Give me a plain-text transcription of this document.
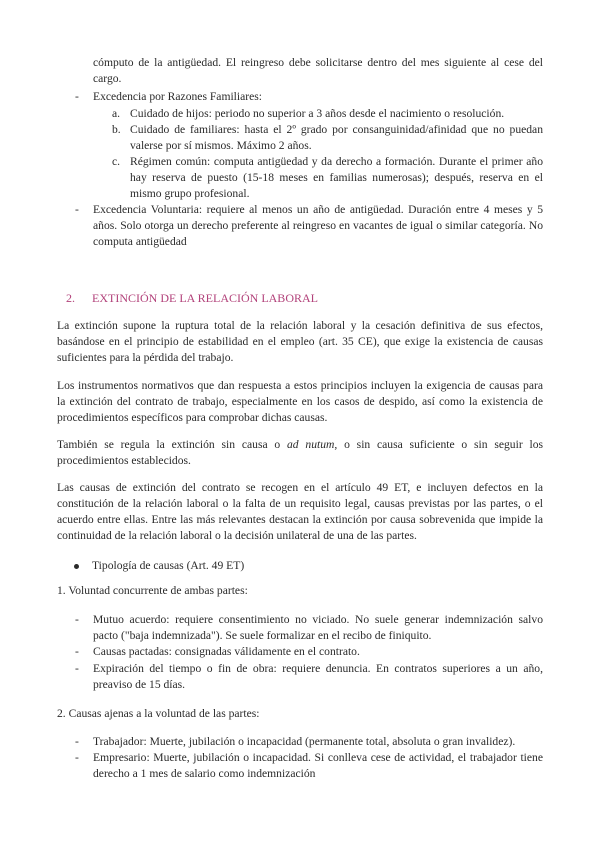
cómputo de la antigüedad. El reingreso debe solicitarse dentro del mes siguiente al cese del cargo.

- Excedencia por Razones Familiares:
a. Cuidado de hijos: periodo no superior a 3 años desde el nacimiento o resolución.

b. Cuidado de familiares: hasta el 2º grado por consanguinidad/afinidad que no puedan valerse por sí mismos. Máximo 2 años.

c. Régimen común: computa antigüedad y da derecho a formación. Durante el primer año hay reserva de puesto (15-18 meses en familias numerosas); después, reserva en el mismo grupo profesional.

- Excedencia Voluntaria: requiere al menos un año de antigüedad. Duración entre 4 meses y 5 años. Solo otorga un derecho preferente al reingreso en vacantes de igual o similar categoría. No computa antigüedad

2. EXTINCIÓN DE LA RELACIÓN LABORAL

La extinción supone la ruptura total de la relación laboral y la cesación definitiva de sus efectos, basándose en el principio de estabilidad en el empleo (art. 35 CE), que exige la existencia de causas suficientes para la pérdida del trabajo.

Los instrumentos normativos que dan respuesta a estos principios incluyen la exigencia de causas para la extinción del contrato de trabajo, especialmente en los casos de despido, así como la existencia de procedimientos específicos para comprobar dichas causas.

También se regula la extinción sin causa o ad nutum, o sin causa suficiente o sin seguir los procedimientos establecidos.

Las causas de extinción del contrato se recogen en el artículo 49 ET, e incluyen defectos en la constitución de la relación laboral o la falta de un requisito legal, causas previstas por las partes, o el acuerdo entre ellas. Entre las más relevantes destacan la extinción por causa sobrevenida que impide la continuidad de la relación laboral o la decisión unilateral de una de las partes.

Tipología de causas (Art. 49 ET)

1. Voluntad concurrente de ambas partes:

- Mutuo acuerdo: requiere consentimiento no viciado. No suele generar indemnización salvo pacto ("baja indemnizada"). Se suele formalizar en el recibo de finiquito.

- Causas pactadas: consignadas válidamente en el contrato.

- Expiración del tiempo o fin de obra: requiere denuncia. En contratos superiores a un año, preaviso de 15 días.

2. Causas ajenas a la voluntad de las partes:

- Trabajador: Muerte, jubilación o incapacidad (permanente total, absoluta o gran invalidez).

- Empresario: Muerte, jubilación o incapacidad. Si conlleva cese de actividad, el trabajador tiene derecho a 1 mes de salario como indemnización
